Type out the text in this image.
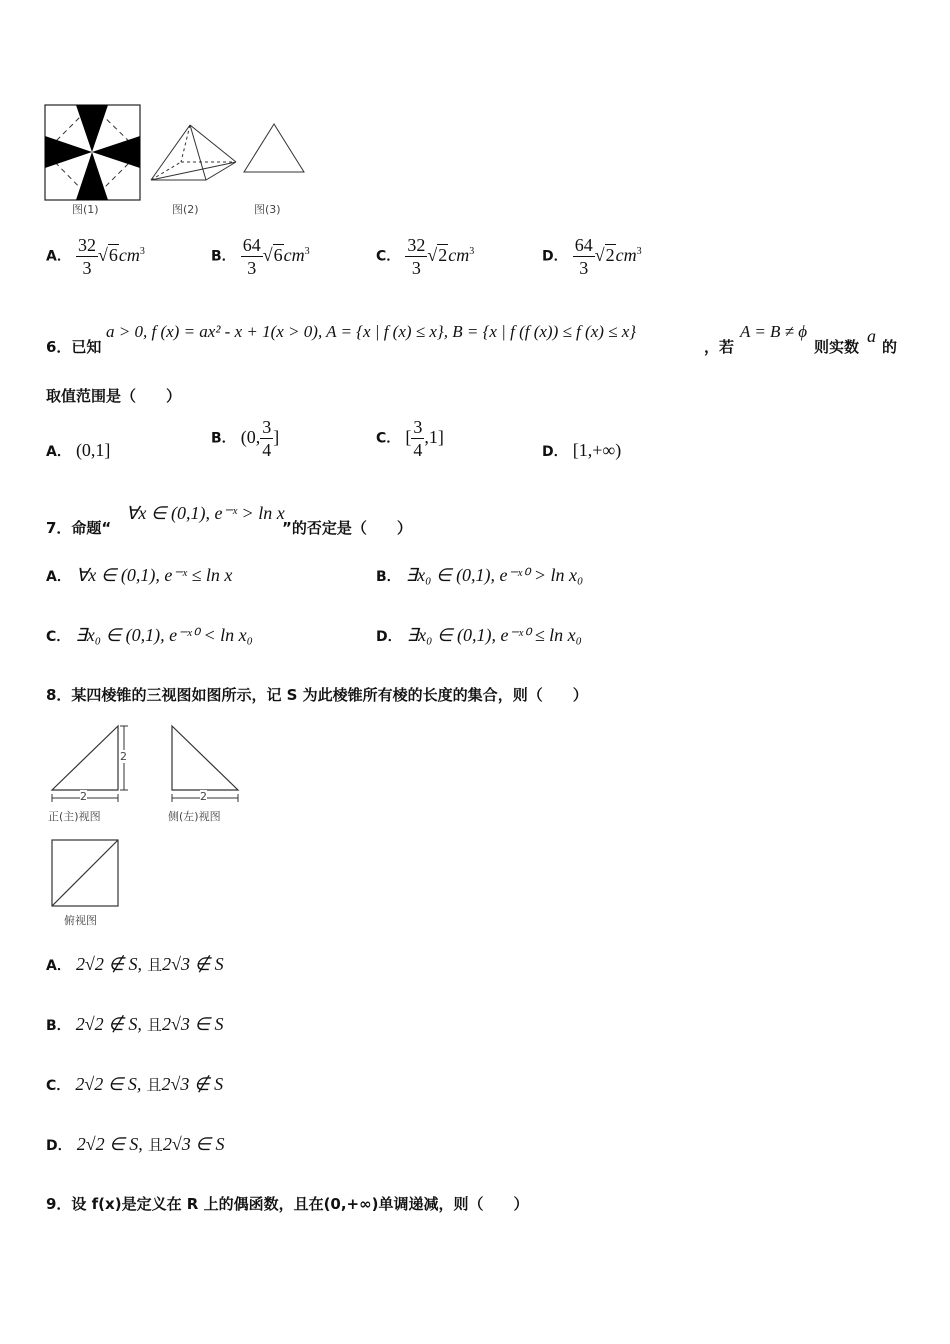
图(1)	图(2)	图(3)
A． $\frac{32}{3} √6cm^3$	B． $\frac{64}{3} √6cm^3$	C． $\frac{32}{3} √2cm^3$	D． $\frac{64}{3} √2cm^3$
6．已知
a > 0, f (x) = ax² - x + 1(x > 0), A = {x | f (x) ≤ x}, B = {x | f (f (x)) ≤ f (x) ≤ x}
，若
A = B ≠ ϕ
则实数
a
的
取值范围是（　　）
A． (0,1]
B． (0, $\frac{3}{4}$ ]	C． [ $\frac{3}{4} ,1$]
D． [1,+∞)
7．命题“
∀x ∈ (0,1), e⁻ˣ > ln x
”的否定是（　　）
A． ∀x ∈ (0,1), e⁻ˣ ≤ ln x	B． ∃x₀ ∈ (0,1), e⁻ˣ⁰ > ln x₀
C． ∃x₀ ∈ (0,1), e⁻ˣ⁰ < ln x₀	D． ∃x₀ ∈ (0,1), e⁻ˣ⁰ ≤ ln x₀
8．某四棱锥的三视图如图所示，记 S 为此棱锥所有棱的长度的集合，则（　　）
2
2
正(主)视图
2
侧(左)视图
俯视图
A． 2√2 ∉ S, 且2√3 ∉ S
B． 2√2 ∉ S, 且2√3 ∈ S
C． 2√2 ∈ S, 且2√3 ∉ S
D． 2√2 ∈ S, 且2√3 ∈ S
9．设 f(x)是定义在 R 上的偶函数，且在(0,+∞)单调递减，则（　　）
